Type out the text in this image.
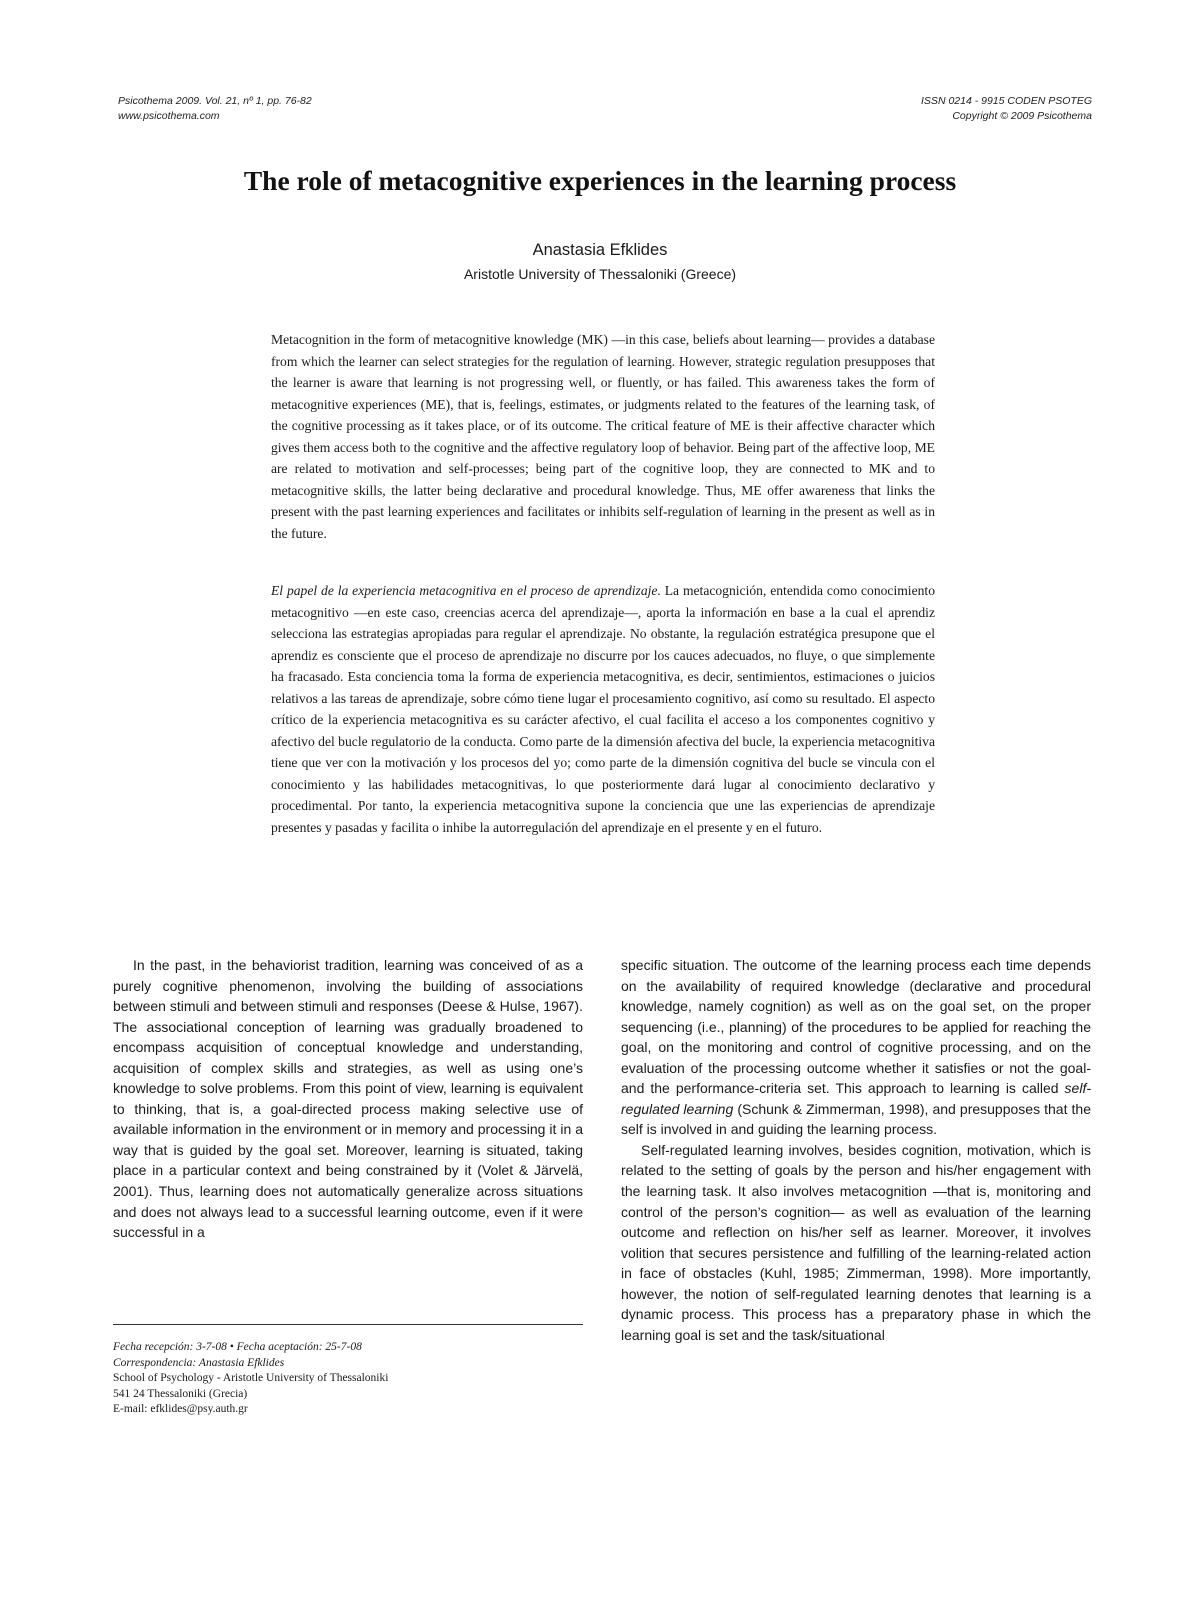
Psicothema 2009. Vol. 21, nº 1, pp. 76-82
www.psicothema.com
ISSN 0214 - 9915 CODEN PSOTEG
Copyright © 2009 Psicothema
The role of metacognitive experiences in the learning process
Anastasia Efklides
Aristotle University of Thessaloniki (Greece)

Metacognition in the form of metacognitive knowledge (MK) —in this case, beliefs about learning— provides a database from which the learner can select strategies for the regulation of learning. However, strategic regulation presupposes that the learner is aware that learning is not progressing well, or fluently, or has failed. This awareness takes the form of metacognitive experiences (ME), that is, feelings, estimates, or judgments related to the features of the learning task, of the cognitive processing as it takes place, or of its outcome. The critical feature of ME is their affective character which gives them access both to the cognitive and the affective regulatory loop of behavior. Being part of the affective loop, ME are related to motivation and self-processes; being part of the cognitive loop, they are connected to MK and to metacognitive skills, the latter being declarative and procedural knowledge. Thus, ME offer awareness that links the present with the past learning experiences and facilitates or inhibits self-regulation of learning in the present as well as in the future.

El papel de la experiencia metacognitiva en el proceso de aprendizaje. La metacognición, entendida como conocimiento metacognitivo —en este caso, creencias acerca del aprendizaje—, aporta la información en base a la cual el aprendiz selecciona las estrategias apropiadas para regular el aprendizaje. No obstante, la regulación estratégica presupone que el aprendiz es consciente que el proceso de aprendizaje no discurre por los cauces adecuados, no fluye, o que simplemente ha fracasado. Esta conciencia toma la forma de experiencia metacognitiva, es decir, sentimientos, estimaciones o juicios relativos a las tareas de aprendizaje, sobre cómo tiene lugar el procesamiento cognitivo, así como su resultado. El aspecto crítico de la experiencia metacognitiva es su carácter afectivo, el cual facilita el acceso a los componentes cognitivo y afectivo del bucle regulatorio de la conducta. Como parte de la dimensión afectiva del bucle, la experiencia metacognitiva tiene que ver con la motivación y los procesos del yo; como parte de la dimensión cognitiva del bucle se vincula con el conocimiento y las habilidades metacognitivas, lo que posteriormente dará lugar al conocimiento declarativo y procedimental. Por tanto, la experiencia metacognitiva supone la conciencia que une las experiencias de aprendizaje presentes y pasadas y facilita o inhibe la autorregulación del aprendizaje en el presente y en el futuro.

In the past, in the behaviorist tradition, learning was conceived of as a purely cognitive phenomenon, involving the building of associations between stimuli and between stimuli and responses (Deese & Hulse, 1967). The associational conception of learning was gradually broadened to encompass acquisition of conceptual knowledge and understanding, acquisition of complex skills and strategies, as well as using one’s knowledge to solve problems. From this point of view, learning is equivalent to thinking, that is, a goal-directed process making selective use of available information in the environment or in memory and processing it in a way that is guided by the goal set. Moreover, learning is situated, taking place in a particular context and being constrained by it (Volet & Järvelä, 2001). Thus, learning does not automatically generalize across situations and does not always lead to a successful learning outcome, even if it were successful in a

Fecha recepción: 3-7-08 • Fecha aceptación: 25-7-08
Correspondencia: Anastasia Efklides
School of Psychology - Aristotle University of Thessaloniki
541 24 Thessaloniki (Grecia)
E-mail: efklides@psy.auth.gr

specific situation. The outcome of the learning process each time depends on the availability of required knowledge (declarative and procedural knowledge, namely cognition) as well as on the goal set, on the proper sequencing (i.e., planning) of the procedures to be applied for reaching the goal, on the monitoring and control of cognitive processing, and on the evaluation of the processing outcome whether it satisfies or not the goal- and the performance-criteria set. This approach to learning is called self-regulated learning (Schunk & Zimmerman, 1998), and presupposes that the self is involved in and guiding the learning process.

Self-regulated learning involves, besides cognition, motivation, which is related to the setting of goals by the person and his/her engagement with the learning task. It also involves metacognition —that is, monitoring and control of the person’s cognition— as well as evaluation of the learning outcome and reflection on his/her self as learner. Moreover, it involves volition that secures persistence and fulfilling of the learning-related action in face of obstacles (Kuhl, 1985; Zimmerman, 1998). More importantly, however, the notion of self-regulated learning denotes that learning is a dynamic process. This process has a preparatory phase in which the learning goal is set and the task/situational
